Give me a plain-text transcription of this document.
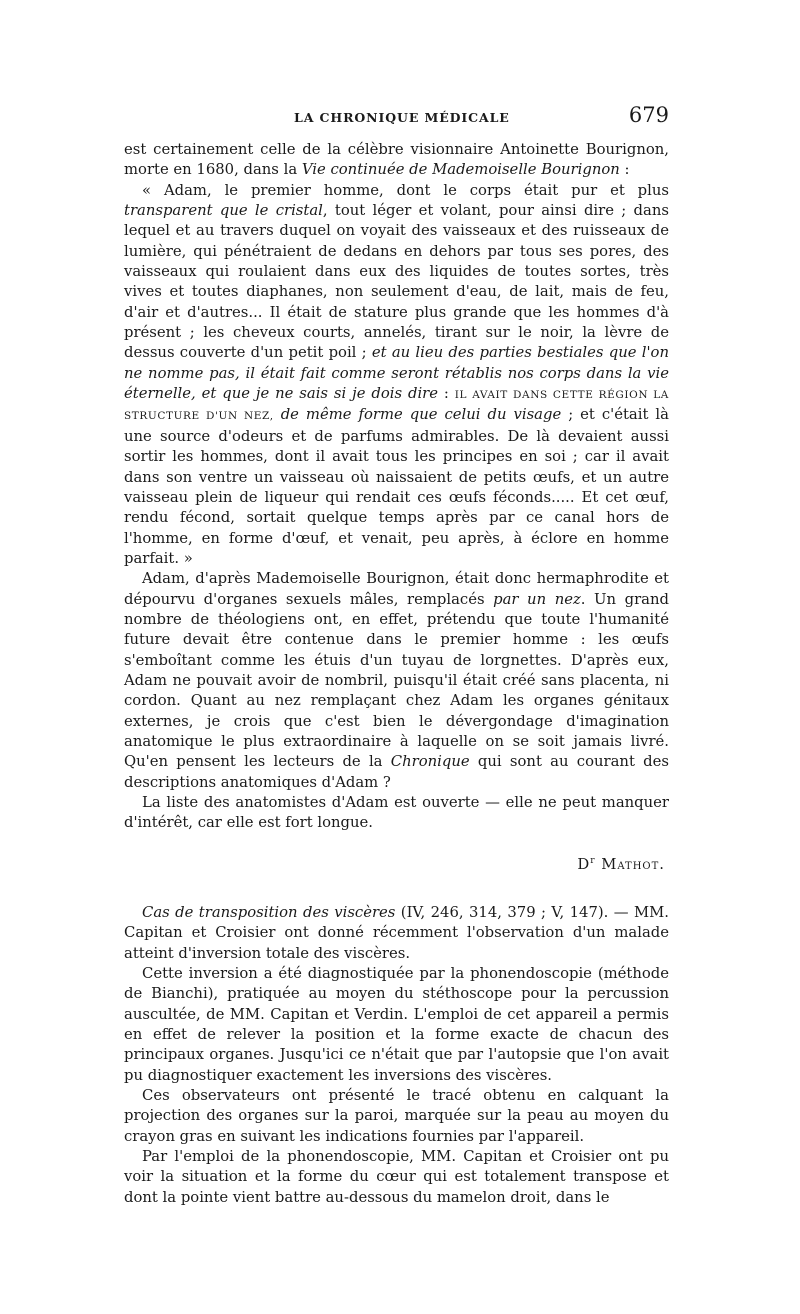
LA CHRONIQUE MÉDICALE	679

est certainement celle de la célèbre visionnaire Antoinette Bourignon, morte en 1680, dans la Vie continuée de Mademoiselle Bourignon :

« Adam, le premier homme, dont le corps était pur et plus transparent que le cristal, tout léger et volant, pour ainsi dire ; dans lequel et au travers duquel on voyait des vaisseaux et des ruisseaux de lumière, qui pénétraient de dedans en dehors par tous ses pores, des vaisseaux qui roulaient dans eux des liquides de toutes sortes, très vives et toutes diaphanes, non seulement d'eau, de lait, mais de feu, d'air et d'autres... Il était de stature plus grande que les hommes d'à présent ; les cheveux courts, annelés, tirant sur le noir, la lèvre de dessus couverte d'un petit poil ; et au lieu des parties bestiales que l'on ne nomme pas, il était fait comme seront rétablis nos corps dans la vie éternelle, et que je ne sais si je dois dire : IL AVAIT DANS CETTE RÉGION LA STRUCTURE D'UN NEZ, de même forme que celui du visage ; et c'était là une source d'odeurs et de parfums admirables. De là devaient aussi sortir les hommes, dont il avait tous les principes en soi ; car il avait dans son ventre un vaisseau où naissaient de petits œufs, et un autre vaisseau plein de liqueur qui rendait ces œufs féconds..... Et cet œuf, rendu fécond, sortait quelque temps après par ce canal hors de l'homme, en forme d'œuf, et venait, peu après, à éclore en homme parfait. »

Adam, d'après Mademoiselle Bourignon, était donc hermaphrodite et dépourvu d'organes sexuels mâles, remplacés par un nez. Un grand nombre de théologiens ont, en effet, prétendu que toute l'humanité future devait être contenue dans le premier homme : les œufs s'emboîtant comme les étuis d'un tuyau de lorgnettes. D'après eux, Adam ne pouvait avoir de nombril, puisqu'il était créé sans placenta, ni cordon. Quant au nez remplaçant chez Adam les organes génitaux externes, je crois que c'est bien le dévergondage d'imagination anatomique le plus extraordinaire à laquelle on se soit jamais livré. Qu'en pensent les lecteurs de la Chronique qui sont au courant des descriptions anatomiques d'Adam ?

La liste des anatomistes d'Adam est ouverte — elle ne peut manquer d'intérêt, car elle est fort longue.

$D^r$ Mathot.

Cas de transposition des viscères (IV, 246, 314, 379 ; V, 147). — MM. Capitan et Croisier ont donné récemment l'observation d'un malade atteint d'inversion totale des viscères.

Cette inversion a été diagnostiquée par la phonendoscopie (méthode de Bianchi), pratiquée au moyen du stéthoscope pour la percussion auscultée, de MM. Capitan et Verdin. L'emploi de cet appareil a permis en effet de relever la position et la forme exacte de chacun des principaux organes. Jusqu'ici ce n'était que par l'autopsie que l'on avait pu diagnostiquer exactement les inversions des viscères.

Ces observateurs ont présenté le tracé obtenu en calquant la projection des organes sur la paroi, marquée sur la peau au moyen du crayon gras en suivant les indications fournies par l'appareil.

Par l'emploi de la phonendoscopie, MM. Capitan et Croisier ont pu voir la situation et la forme du cœur qui est totalement transpose et dont la pointe vient battre au-dessous du mamelon droit, dans le
